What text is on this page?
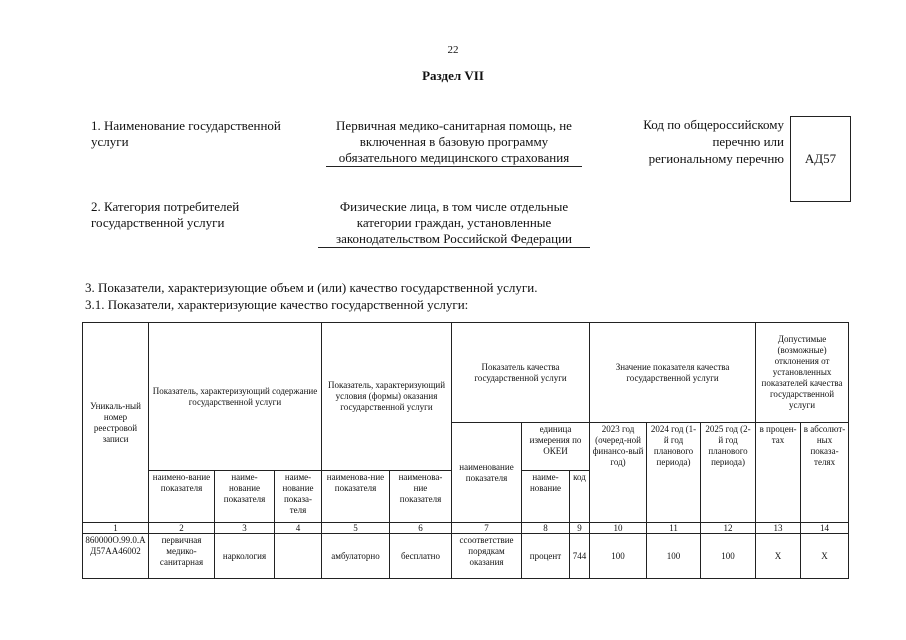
22
Раздел VII
1. Наименование государственной услуги
Первичная медико-санитарная помощь, не включенная в базовую программу обязательного медицинского страхования
Код по общероссийскому перечню или региональному перечню АД57
2. Категория потребителей государственной услуги
Физические лица, в том числе отдельные категории граждан, установленные законодательством Российской Федерации
3. Показатели, характеризующие объем и (или) качество государственной услуги.
3.1. Показатели, характеризующие качество государственной услуги:
Уникаль-ный номер реестровой записи	Показатель, характеризующий содержание государственной услуги			Показатель, характеризующий условия (формы) оказания государственной услуги		Показатель качества государственной услуги			Значение показателя качества государственной услуги			Допустимые (возможные) отклонения от установленных показателей качества государственной услуги	
						наименование показателя	единица измерения по ОКЕИ		2023 год (очеред-ной финансо-вый год)	2024 год (1-й год планового периода)	2025 год (2-й год планового периода)	в процен-тах	в абсолют-ных показа-телях
	наимено-вание показателя	наиме-нование показателя	наиме-нование показа-теля	наименова-ние показателя	наименова-ние показателя		наиме-нование	код					
1	2	3	4	5	6	7	8	9	10	11	12	13	14
860000О.99.0.АД57АА46002	первичная медико-санитарная	наркология		амбулаторно	бесплатно	ссоответствие порядкам оказания	процент	744	100	100	100	Х	Х
